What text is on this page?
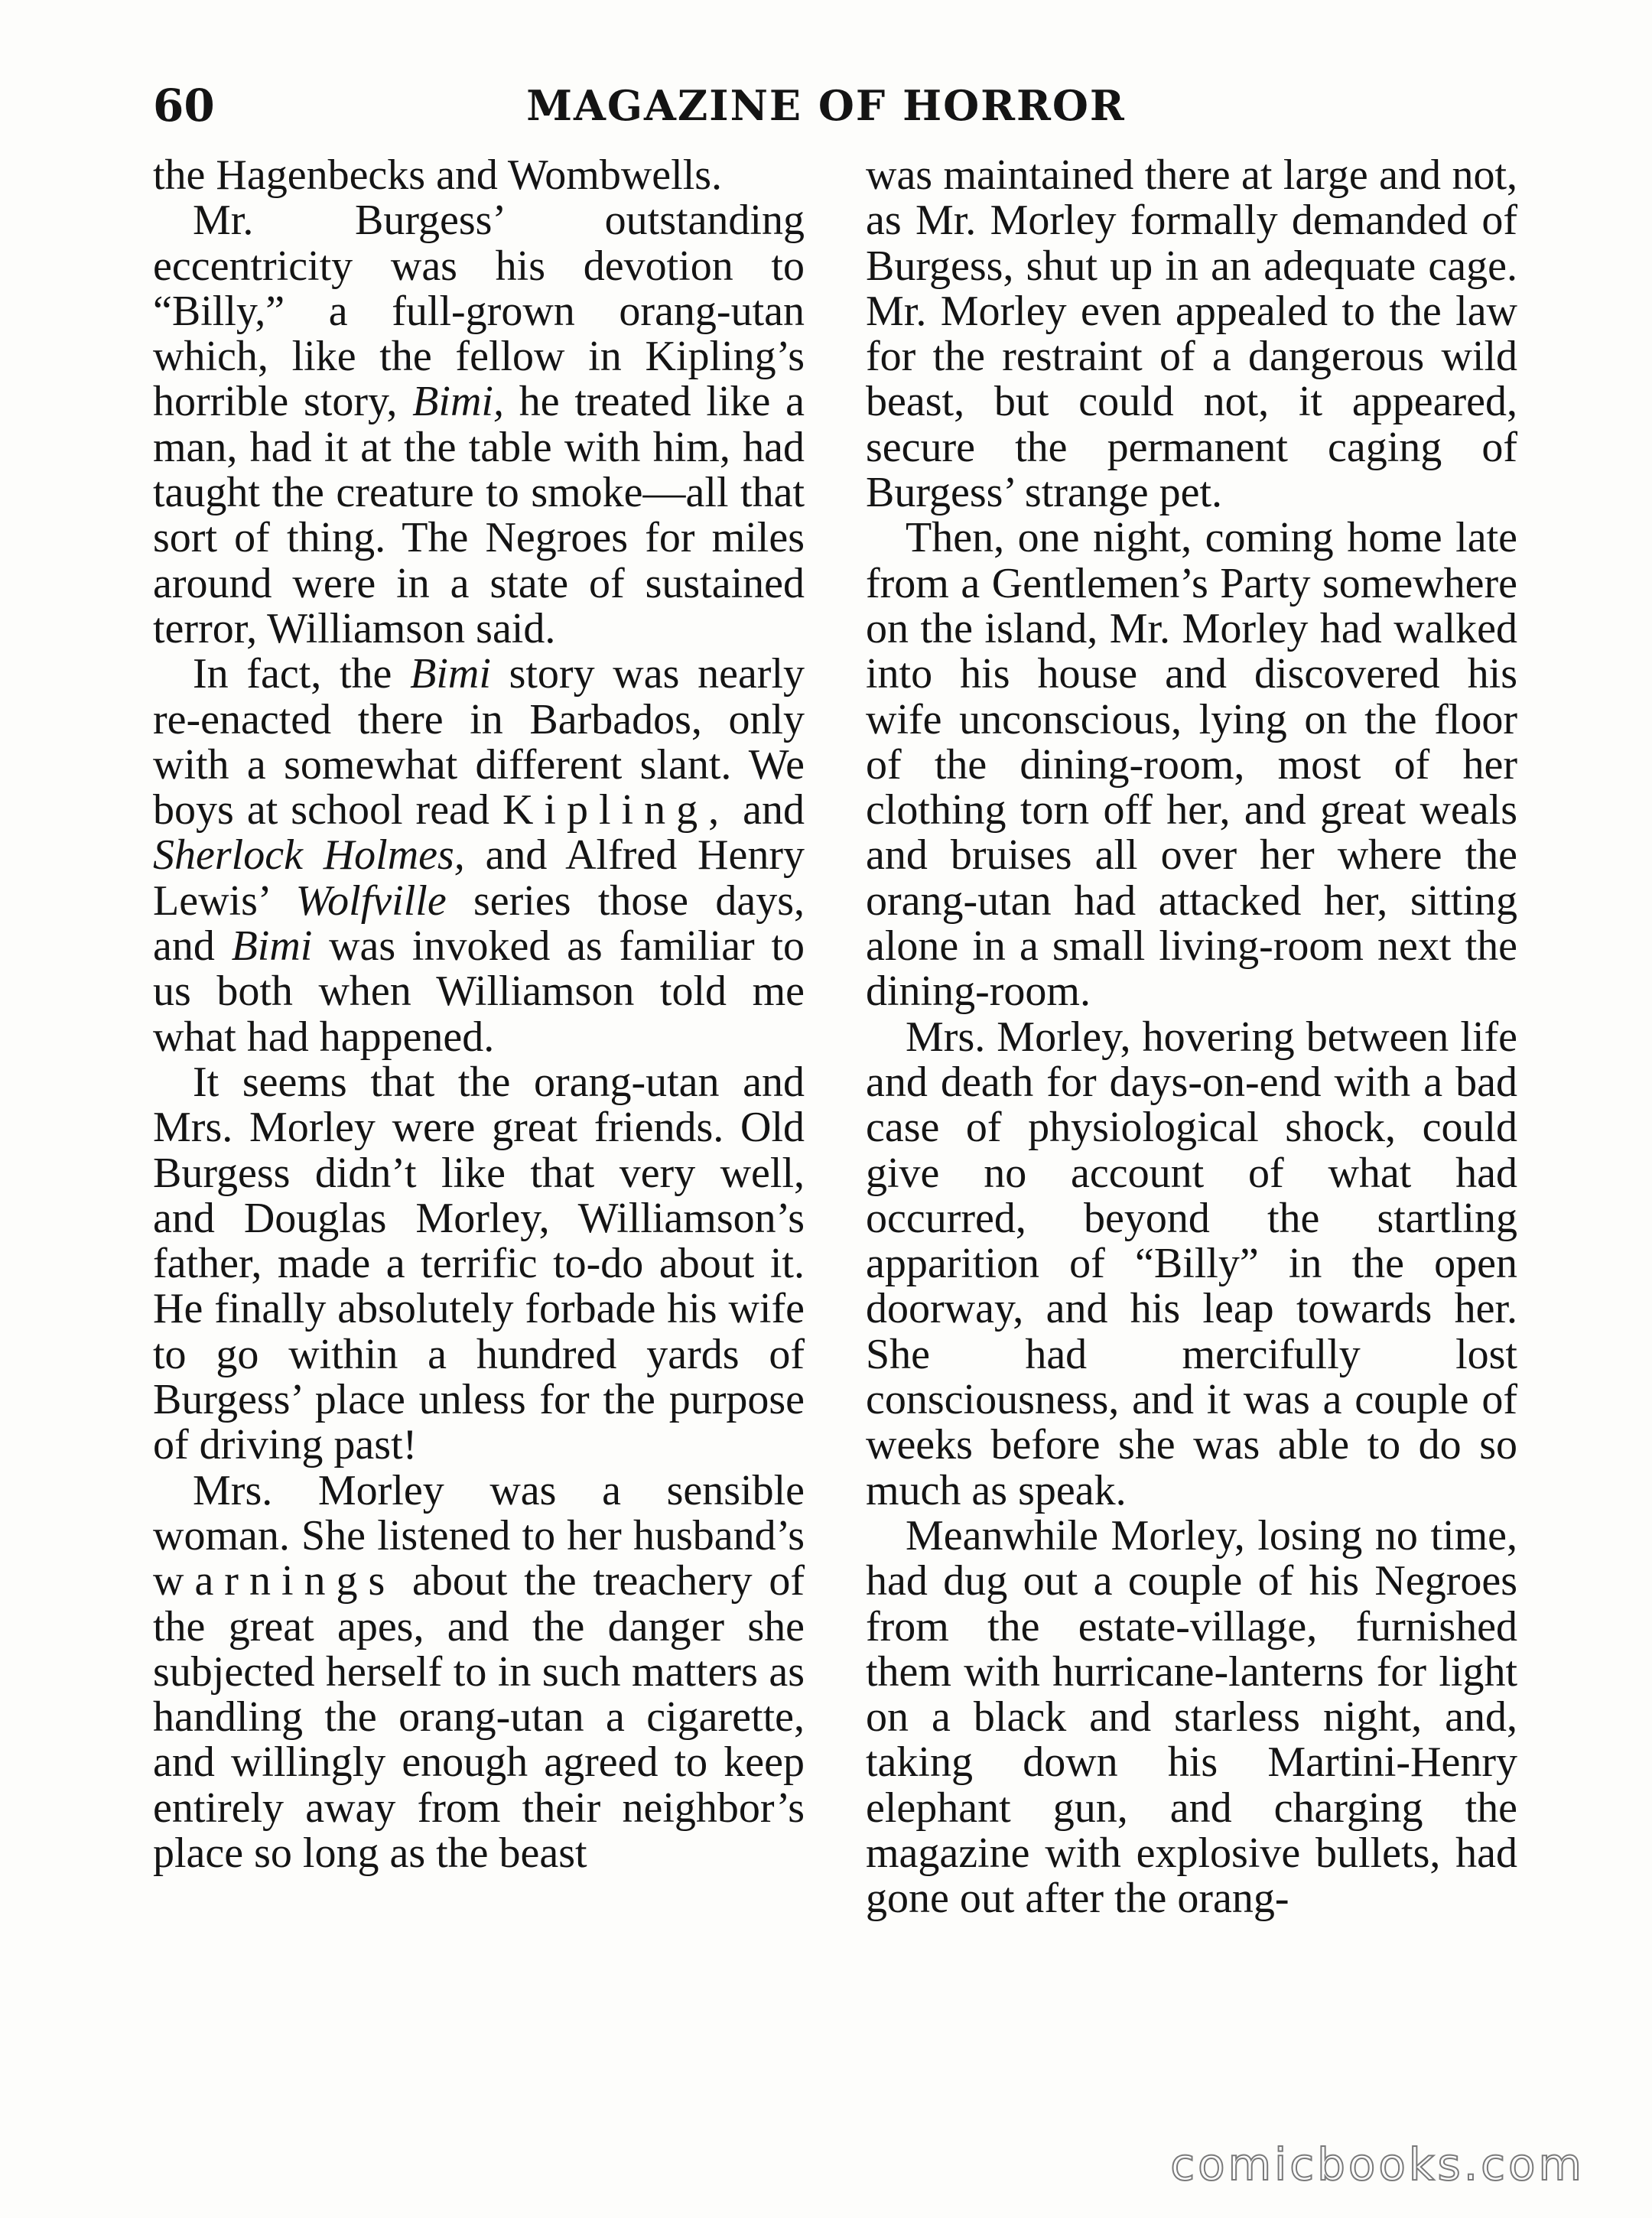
60	MAGAZINE OF HORROR

the Hagenbecks and Wombwells.

Mr. Burgess’ outstanding eccentricity was his devotion to “Billy,” a full-grown orang-utan which, like the fellow in Kipling’s horrible story, Bimi, he treated like a man, had it at the table with him, had taught the creature to smoke—all that sort of thing. The Negroes for miles around were in a state of sustained terror, Williamson said.

In fact, the Bimi story was nearly re-enacted there in Barbados, only with a somewhat different slant. We boys at school read Kipling, and Sherlock Holmes, and Alfred Henry Lewis’ Wolfville series those days, and Bimi was invoked as familiar to us both when Williamson told me what had happened.

It seems that the orang-utan and Mrs. Morley were great friends. Old Burgess didn’t like that very well, and Douglas Morley, Williamson’s father, made a terrific to-do about it. He finally absolutely forbade his wife to go within a hundred yards of Burgess’ place unless for the purpose of driving past!

Mrs. Morley was a sensible woman. She listened to her husband’s warnings about the treachery of the great apes, and the danger she subjected herself to in such matters as handling the orang-utan a cigarette, and willingly enough agreed to keep entirely away from their neighbor’s place so long as the beast

was maintained there at large and not, as Mr. Morley formally demanded of Burgess, shut up in an adequate cage. Mr. Morley even appealed to the law for the restraint of a dangerous wild beast, but could not, it appeared, secure the permanent caging of Burgess’ strange pet.

Then, one night, coming home late from a Gentlemen’s Party somewhere on the island, Mr. Morley had walked into his house and discovered his wife unconscious, lying on the floor of the dining-room, most of her clothing torn off her, and great weals and bruises all over her where the orang-utan had attacked her, sitting alone in a small living-room next the dining-room.

Mrs. Morley, hovering between life and death for days-on-end with a bad case of physiological shock, could give no account of what had occurred, beyond the startling apparition of “Billy” in the open doorway, and his leap towards her. She had mercifully lost consciousness, and it was a couple of weeks before she was able to do so much as speak.

Meanwhile Morley, losing no time, had dug out a couple of his Negroes from the estate-village, furnished them with hurricane-lanterns for light on a black and starless night, and, taking down his Martini-Henry elephant gun, and charging the magazine with explosive bullets, had gone out after the orang-

comicbooks.com
